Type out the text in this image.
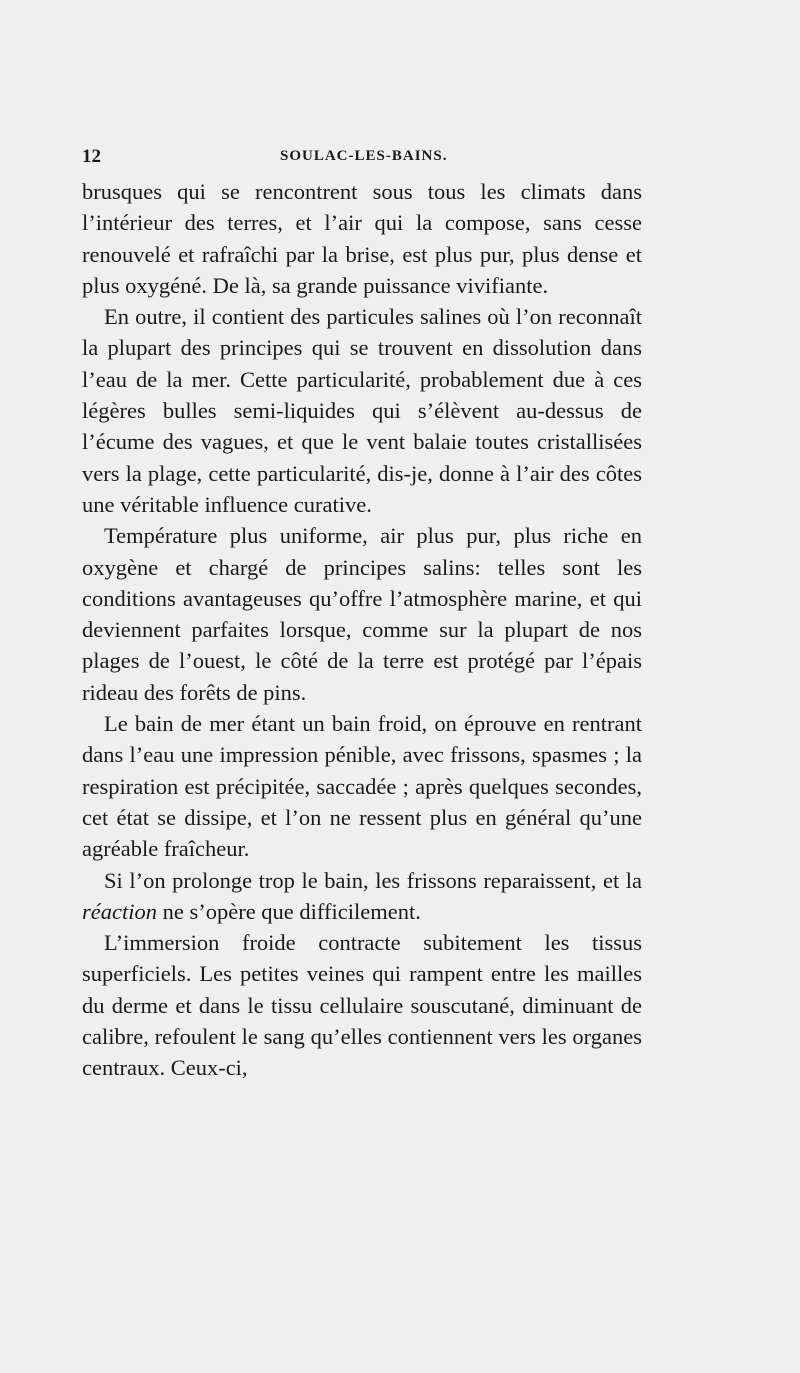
12	SOULAC-LES-BAINS.

brusques qui se rencontrent sous tous les climats dans l’intérieur des terres, et l’air qui la compose, sans cesse renouvelé et rafraîchi par la brise, est plus pur, plus dense et plus oxygéné. De là, sa grande puissance vivifiante.

En outre, il contient des particules salines où l’on reconnaît la plupart des principes qui se trouvent en dissolution dans l’eau de la mer. Cette particularité, probablement due à ces légères bulles semi-liquides qui s’élèvent au-dessus de l’écume des vagues, et que le vent balaie toutes cristallisées vers la plage, cette particularité, dis-je, donne à l’air des côtes une véritable influence curative.

Température plus uniforme, air plus pur, plus riche en oxygène et chargé de principes salins: telles sont les conditions avantageuses qu’offre l’atmosphère marine, et qui deviennent parfaites lorsque, comme sur la plupart de nos plages de l’ouest, le côté de la terre est protégé par l’épais rideau des forêts de pins.

Le bain de mer étant un bain froid, on éprouve en rentrant dans l’eau une impression pénible, avec frissons, spasmes ; la respiration est précipitée, saccadée ; après quelques secondes, cet état se dissipe, et l’on ne ressent plus en général qu’une agréable fraîcheur.

Si l’on prolonge trop le bain, les frissons reparaissent, et la réaction ne s’opère que difficilement.

L’immersion froide contracte subitement les tissus superficiels. Les petites veines qui rampent entre les mailles du derme et dans le tissu cellulaire souscutané, diminuant de calibre, refoulent le sang qu’elles contiennent vers les organes centraux. Ceux-ci,
